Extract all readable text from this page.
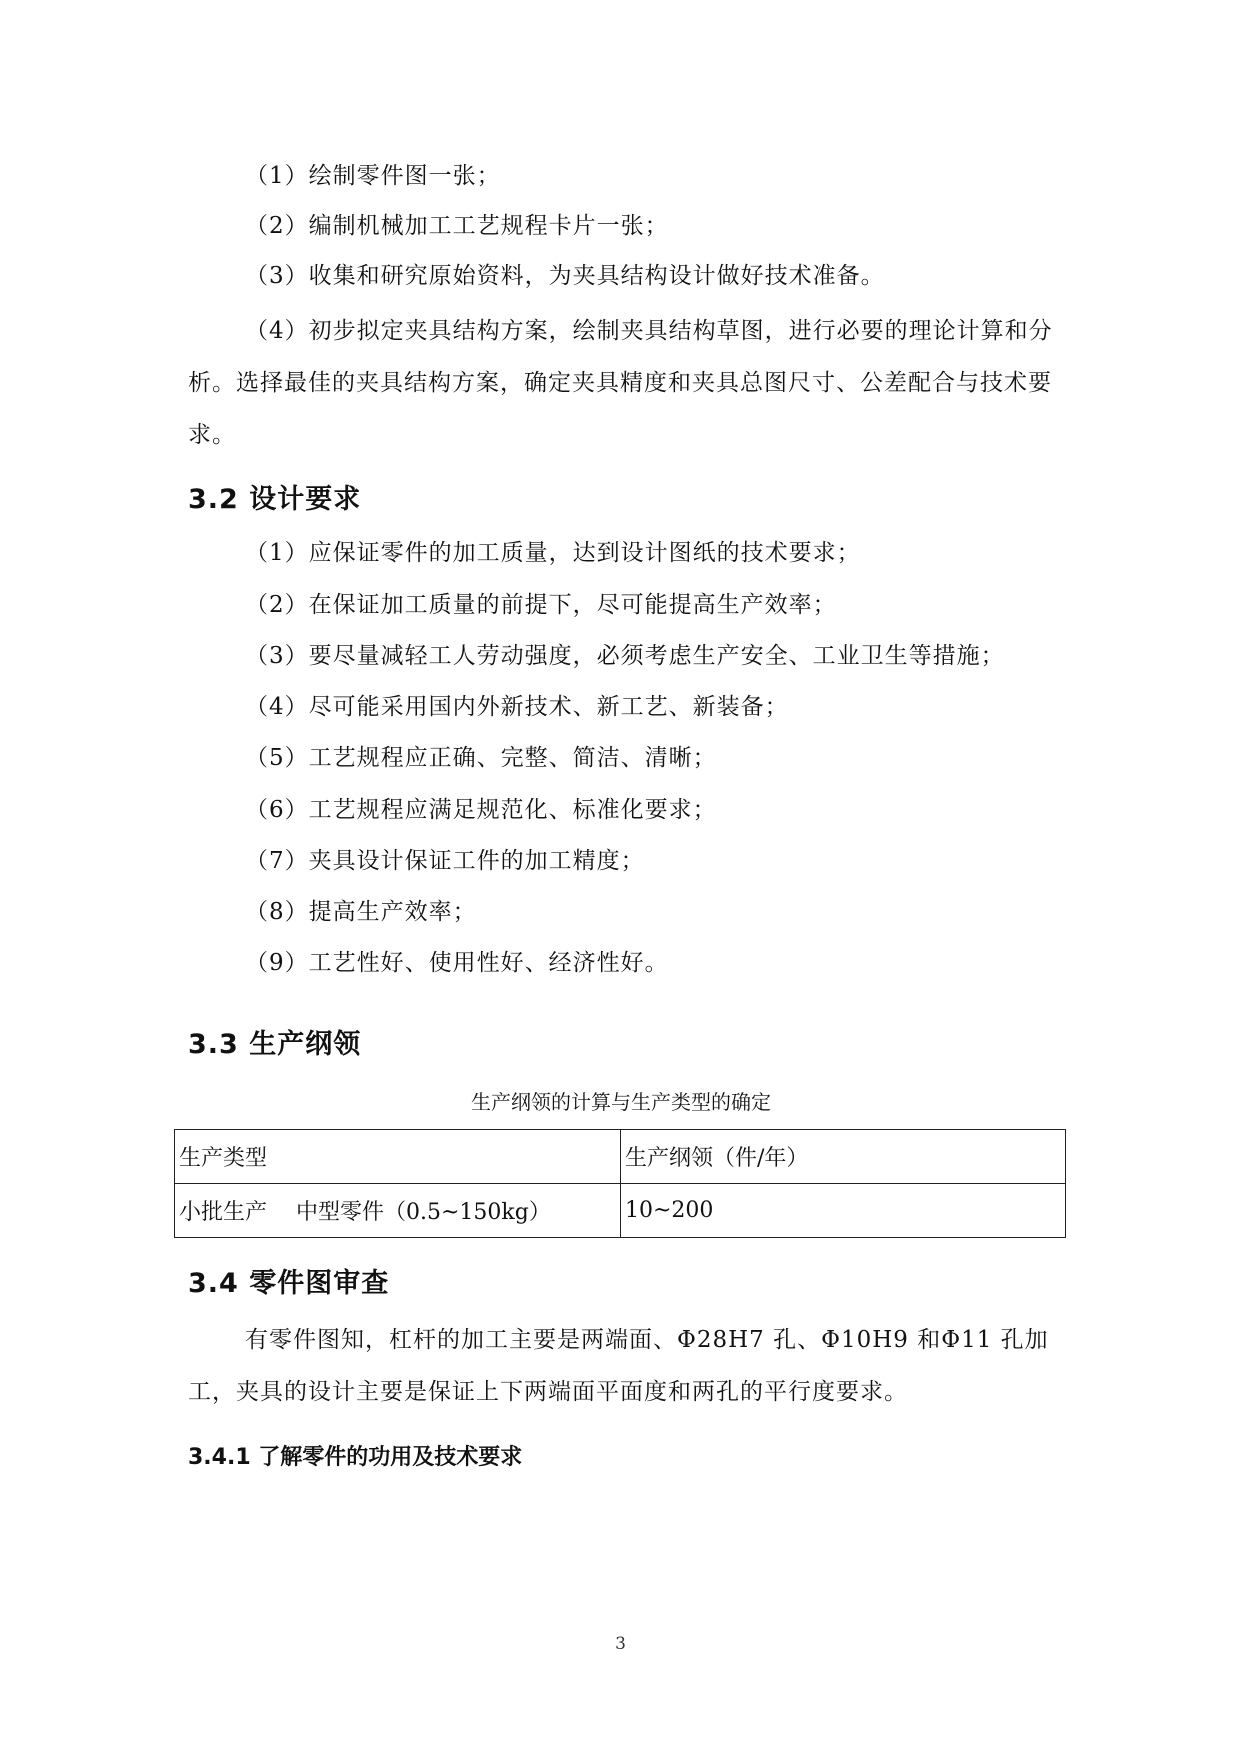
（1）绘制零件图一张；

（2）编制机械加工工艺规程卡片一张；

（3）收集和研究原始资料，为夹具结构设计做好技术准备。

（4）初步拟定夹具结构方案，绘制夹具结构草图，进行必要的理论计算和分析。选择最佳的夹具结构方案，确定夹具精度和夹具总图尺寸、公差配合与技术要求。

3.2 设计要求

（1）应保证零件的加工质量，达到设计图纸的技术要求；

（2）在保证加工质量的前提下，尽可能提高生产效率；

（3）要尽量减轻工人劳动强度，必须考虑生产安全、工业卫生等措施；

（4）尽可能采用国内外新技术、新工艺、新装备；

（5）工艺规程应正确、完整、简洁、清晰；

（6）工艺规程应满足规范化、标准化要求；

（7）夹具设计保证工件的加工精度；

（8）提高生产效率；

（9）工艺性好、使用性好、经济性好。

3.3 生产纲领

生产纲领的计算与生产类型的确定

生产类型	生产纲领（件/年）
小批生产　 中型零件（0.5~150kg）	10~200
3.4 零件图审查

有零件图知，杠杆的加工主要是两端面、Φ28H7 孔、Φ10H9 和Φ11 孔加工，夹具的设计主要是保证上下两端面平面度和两孔的平行度要求。

3.4.1 了解零件的功用及技术要求
3
